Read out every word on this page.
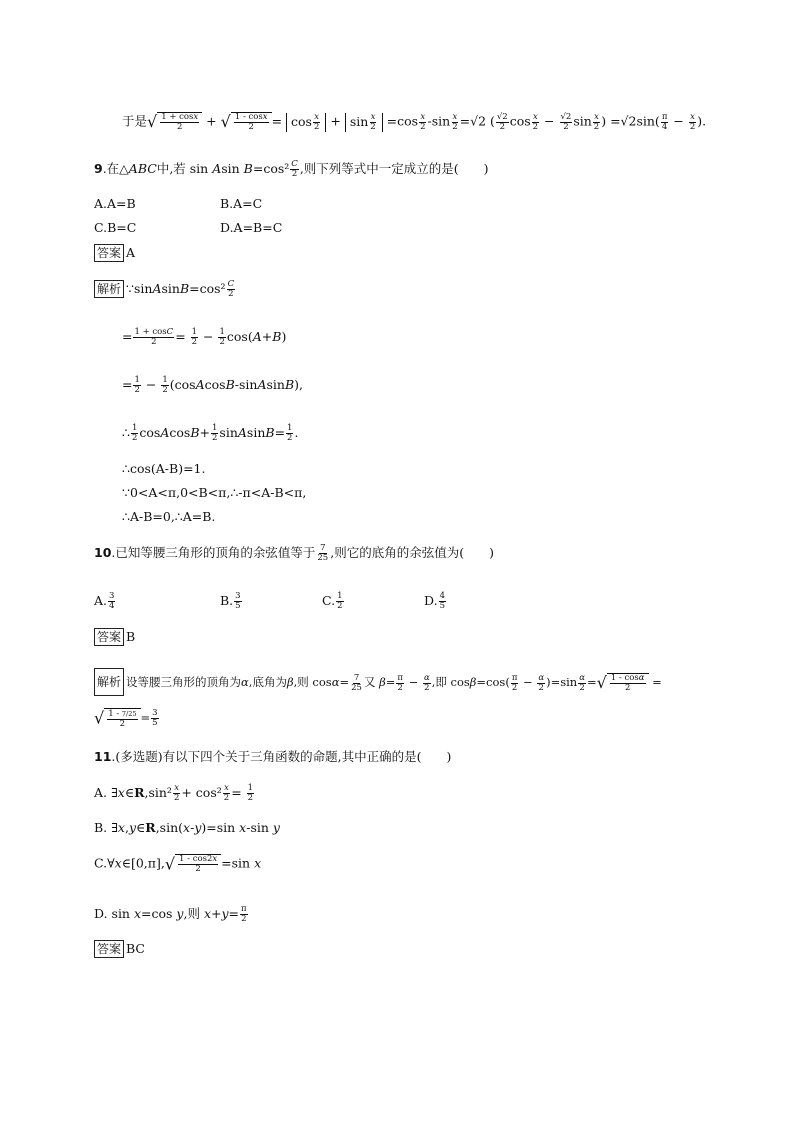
于是√ $\frac{1 + \cos x}{2}$ + √ $\frac{1 - \cos x}{2} = \cos \frac{x}{2} + \sin \frac{x}{2} =\cos \frac{x}{2} -\sin \frac{x}{2} =√2$ ( $\frac{√2}{2}$ $\cos \frac{x}{2} - \frac{√2}{2}$ $\sin \frac{x}{2}$ ) $=√2\sin( \frac{\pi}{4} - \frac{x}{2}$ ).
9.在△ABC中,若 sin Asin $B=\cos^2 \frac{C}{2}$ ,则下列等式中一定成立的是(　　)
A.A=B	B.A=C
C.B=C	D.A=B=C
答案 A
解析 ∵sinAsinB=cos² $\frac{C}{2}$
= $\frac{1 + \cos C}{2} = \frac{1}{2} - \frac{1}{2} \cos(A+B)$
= $\frac{1}{2} - \frac{1}{2}$ (cosAcosB-sinAsinB),
∴ $\frac{1}{2}$ cosAcosB+ $\frac{1}{2}$ sinAsinB= $\frac{1}{2}$ .
∴cos(A-B)=1.
∵0<A<π,0<B<π,∴-π<A-B<π,
∴A-B=0,∴A=B.
10.已知等腰三角形的顶角的余弦值等于 $\frac{7}{25}$ ,则它的底角的余弦值为(　　)
A. $\frac{3}{4}$	B. $\frac{3}{5}$	C. $\frac{1}{2}$	D. $\frac{4}{5}$
答案 B
解析 设等腰三角形的顶角为α,底角为β,则 $\cos\alpha= \frac{7}{25}$ 又 $\beta= \frac{\pi}{2} - \frac{\alpha}{2}$ ,即 $\cos\beta=\cos( \frac{\pi}{2} - \frac{\alpha}{2} )=\sin \frac{\alpha}{2}$ =√ $\frac{1 - \cos\alpha}{2}$ =
√ $\frac{1 - 7/25}{2} = \frac{3}{5}$
11.(多选题)有以下四个关于三角函数的命题,其中正确的是(　　)
A. ∃x∈R,sin² $\frac{x}{2} + \cos^2 \frac{x}{2} = \frac{1}{2}$
B. ∃x,y∈R,sin(x-y)=sin x-sin y
C.∀x∈[0,π],√ $\frac{1 - \cos 2x}{2} =\sin$ x
D. sin x=cos y,则 $x+y= \frac{\pi}{2}$
答案 BC
